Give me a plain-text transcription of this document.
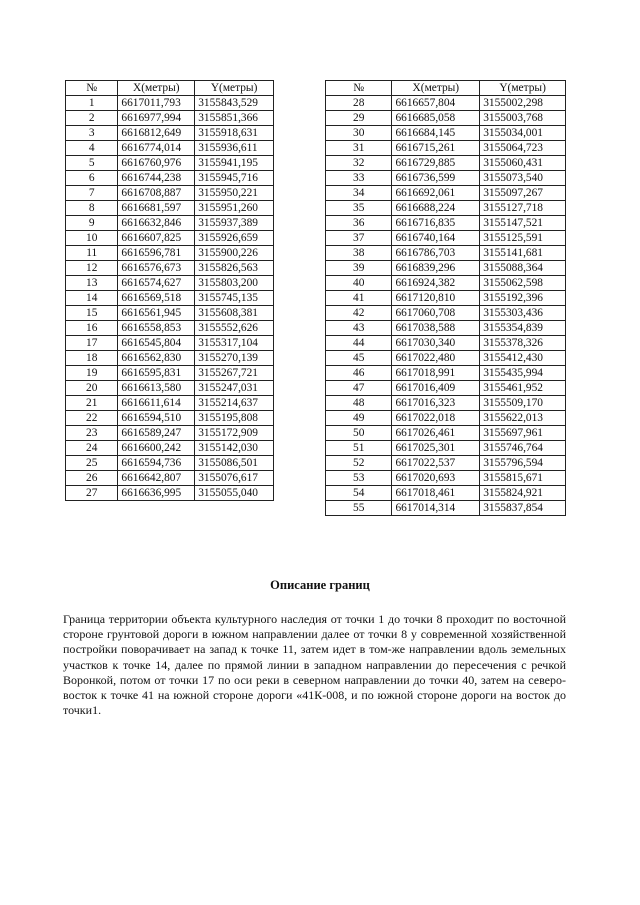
№	X(метры)	Y(метры)
1	6617011,793	3155843,529
2	6616977,994	3155851,366
3	6616812,649	3155918,631
4	6616774,014	3155936,611
5	6616760,976	3155941,195
6	6616744,238	3155945,716
7	6616708,887	3155950,221
8	6616681,597	3155951,260
9	6616632,846	3155937,389
10	6616607,825	3155926,659
11	6616596,781	3155900,226
12	6616576,673	3155826,563
13	6616574,627	3155803,200
14	6616569,518	3155745,135
15	6616561,945	3155608,381
16	6616558,853	3155552,626
17	6616545,804	3155317,104
18	6616562,830	3155270,139
19	6616595,831	3155267,721
20	6616613,580	3155247,031
21	6616611,614	3155214,637
22	6616594,510	3155195,808
23	6616589,247	3155172,909
24	6616600,242	3155142,030
25	6616594,736	3155086,501
26	6616642,807	3155076,617
27	6616636,995	3155055,040
№	X(метры)	Y(метры)
28	6616657,804	3155002,298
29	6616685,058	3155003,768
30	6616684,145	3155034,001
31	6616715,261	3155064,723
32	6616729,885	3155060,431
33	6616736,599	3155073,540
34	6616692,061	3155097,267
35	6616688,224	3155127,718
36	6616716,835	3155147,521
37	6616740,164	3155125,591
38	6616786,703	3155141,681
39	6616839,296	3155088,364
40	6616924,382	3155062,598
41	6617120,810	3155192,396
42	6617060,708	3155303,436
43	6617038,588	3155354,839
44	6617030,340	3155378,326
45	6617022,480	3155412,430
46	6617018,991	3155435,994
47	6617016,409	3155461,952
48	6617016,323	3155509,170
49	6617022,018	3155622,013
50	6617026,461	3155697,961
51	6617025,301	3155746,764
52	6617022,537	3155796,594
53	6617020,693	3155815,671
54	6617018,461	3155824,921
55	6617014,314	3155837,854
Описание границ

Граница территории объекта культурного наследия от точки 1 до точки 8 проходит по восточной стороне грунтовой дороги в южном направлении далее от точки 8 у современной хозяйственной постройки поворачивает на запад к точке 11, затем идет в том-же направлении вдоль земельных участков к точке 14, далее по прямой линии в западном направлении до пересечения с речкой Воронкой, потом от точки 17 по оси реки в северном направлении до точки 40, затем на северо-восток к точке 41 на южной стороне дороги «41К-008, и по южной стороне дороги на восток до точки1.
